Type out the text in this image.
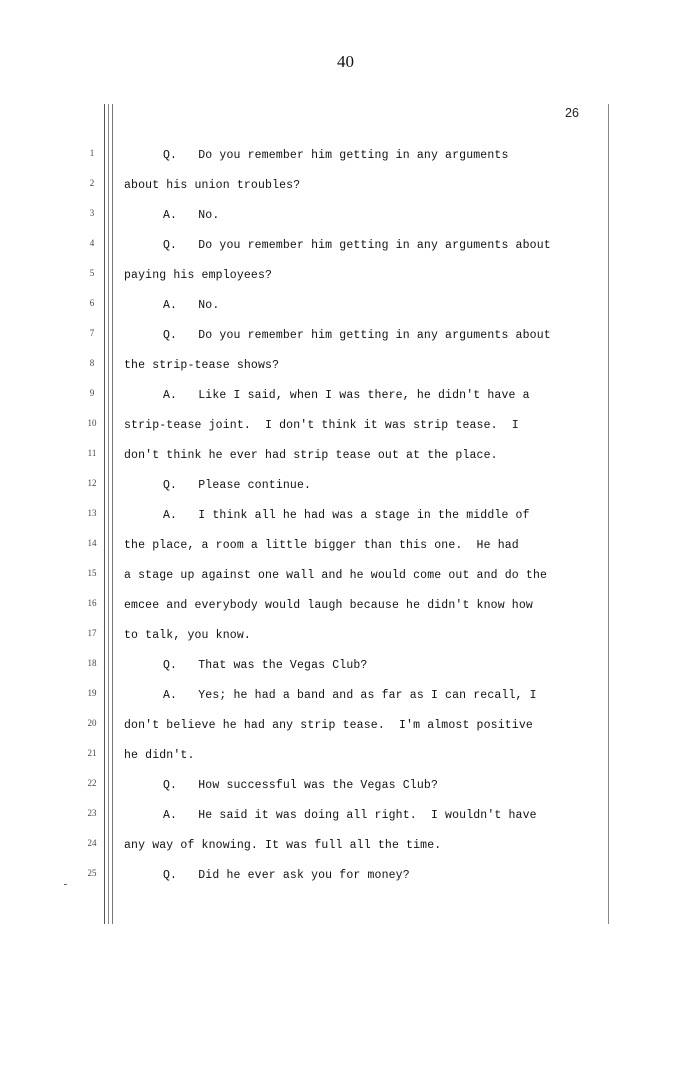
40
26
1
2
3
4
5
6
7
8
9
10
11
12
13
14
15
16
17
18
19
20
21
22
23
24
25
Q.   Do you remember him getting in any arguments
about his union troubles?
A.   No.
Q.   Do you remember him getting in any arguments about
paying his employees?
A.   No.
Q.   Do you remember him getting in any arguments about
the strip-tease shows?
A.   Like I said, when I was there, he didn't have a
strip-tease joint.  I don't think it was strip tease.  I
don't think he ever had strip tease out at the place.
Q.   Please continue.
A.   I think all he had was a stage in the middle of
the place, a room a little bigger than this one.  He had
a stage up against one wall and he would come out and do the
emcee and everybody would laugh because he didn't know how
to talk, you know.
Q.   That was the Vegas Club?
A.   Yes; he had a band and as far as I can recall, I
don't believe he had any strip tease.  I'm almost positive
he didn't.
Q.   How successful was the Vegas Club?
A.   He said it was doing all right.  I wouldn't have
any way of knowing. It was full all the time.
Q.   Did he ever ask you for money?
